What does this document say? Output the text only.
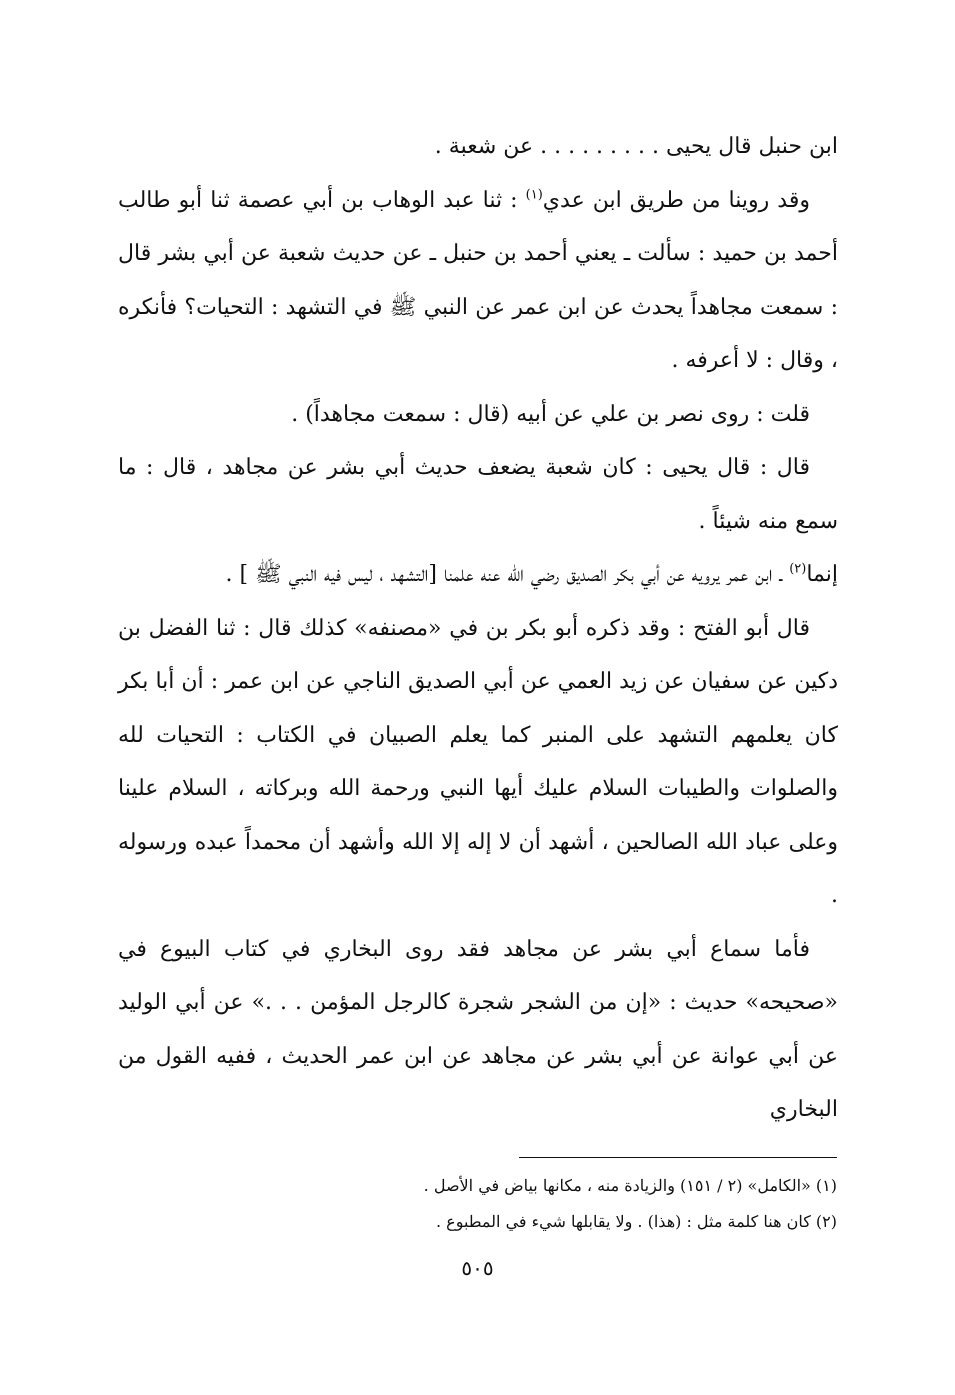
ابن حنبل قال يحيى . . . . . . . . . عن شعبة .

وقد روينا من طريق ابن عدي$^{(١)}$ : ثنا عبد الوهاب بن أبي عصمة ثنا أبو طالب أحمد بن حميد : سألت ـ يعني أحمد بن حنبل ـ عن حديث شعبة عن أبي بشر قال : سمعت مجاهداً يحدث عن ابن عمر عن النبي ﷺ في التشهد : التحيات؟ فأنكره ، وقال : لا أعرفه .

قلت : روى نصر بن علي عن أبيه (قال : سمعت مجاهداً) .

قال : قال يحيى : كان شعبة يضعف حديث أبي بشر عن مجاهد ، قال : ما سمع منه شيئاً .

إنما$^{(٢)}$ ـ ابن عمر يرويه عن أبي بكر الصديق رضي الله عنه علمنا [التشهد ، ليس فيه النبي ﷺ ] .

قال أبو الفتح : وقد ذكره أبو بكر بن في «مصنفه» كذلك قال : ثنا الفضل بن دكين عن سفيان عن زيد العمي عن أبي الصديق الناجي عن ابن عمر : أن أبا بكر كان يعلمهم التشهد على المنبر كما يعلم الصبيان في الكتاب : التحيات لله والصلوات والطيبات السلام عليك أيها النبي ورحمة الله وبركاته ، السلام علينا وعلى عباد الله الصالحين ، أشهد أن لا إله إلا الله وأشهد أن محمداً عبده ورسوله .

فأما سماع أبي بشر عن مجاهد فقد روى البخاري في كتاب البيوع في «صحيحه» حديث : «إن من الشجر شجرة كالرجل المؤمن . . .» عن أبي الوليد عن أبي عوانة عن أبي بشر عن مجاهد عن ابن عمر الحديث ، ففيه القول من البخاري

(١) «الكامل» (٢ / ١٥١) والزيادة منه ، مكانها بياض في الأصل .

(٢) كان هنا كلمة مثل : (هذا) . ولا يقابلها شيء في المطبوع .

٥٠٥
